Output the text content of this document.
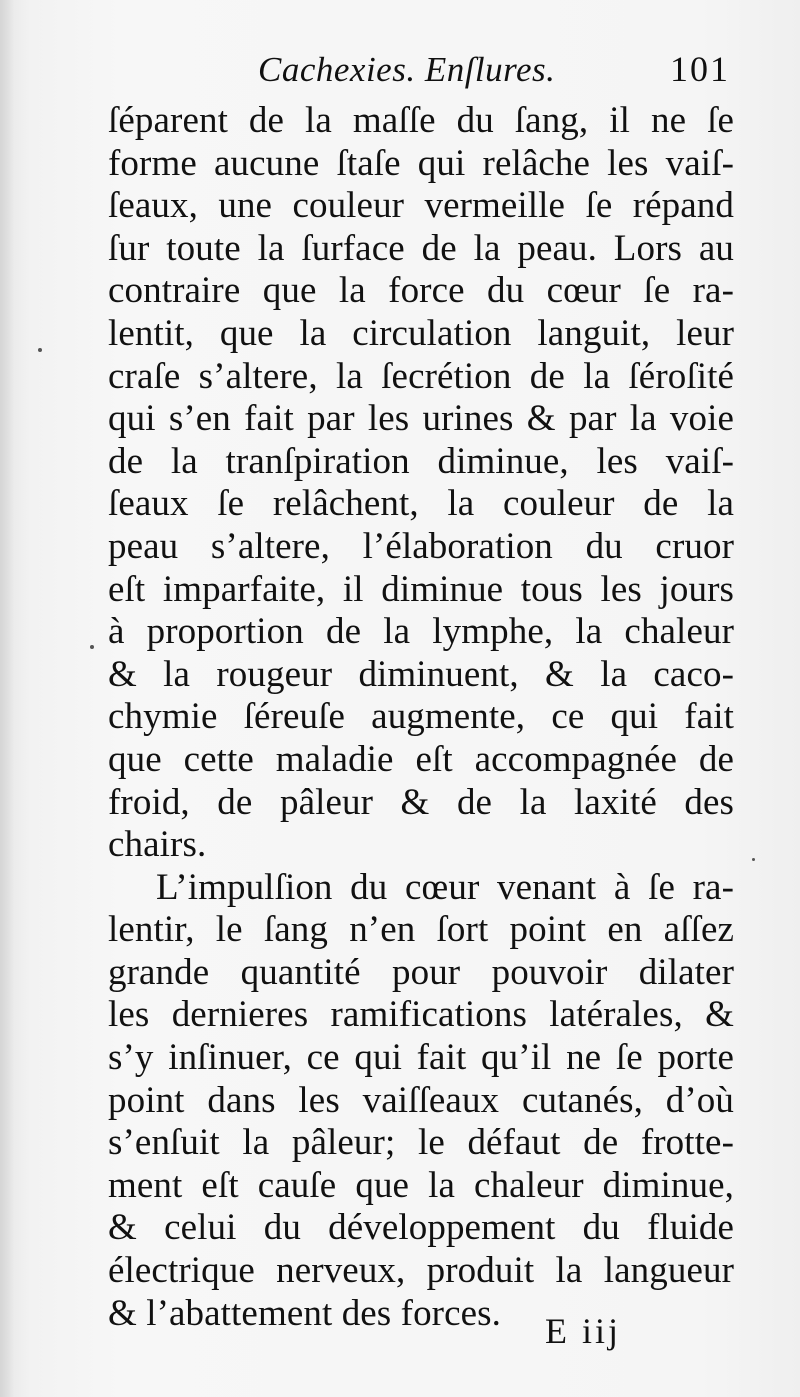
Cachexies. Enſlures.	101
ſéparent de la maſſe du ſang, il ne ſe
forme aucune ſtaſe qui relâche les vaiſ-
ſeaux, une couleur vermeille ſe répand
ſur toute la ſurface de la peau. Lors au
contraire que la force du cœur ſe ra-
lentit, que la circulation languit, leur
craſe s’altere, la ſecrétion de la ſéroſité
qui s’en fait par les urines & par la voie
de la tranſpiration diminue, les vaiſ-
ſeaux ſe relâchent, la couleur de la
peau s’altere, l’élaboration du cruor
eſt imparfaite, il diminue tous les jours
à proportion de la lymphe, la chaleur
& la rougeur diminuent, & la caco-
chymie ſéreuſe augmente, ce qui fait
que cette maladie eſt accompagnée de
froid, de pâleur & de la laxité des
chairs.
L’impulſion du cœur venant à ſe ra-
lentir, le ſang n’en ſort point en aſſez
grande quantité pour pouvoir dilater
les dernieres ramifications latérales, &
s’y inſinuer, ce qui fait qu’il ne ſe porte
point dans les vaiſſeaux cutanés, d’où
s’enſuit la pâleur; le défaut de frotte-
ment eſt cauſe que la chaleur diminue,
& celui du développement du fluide
électrique nerveux, produit la langueur
& l’abattement des forces.	E iij
